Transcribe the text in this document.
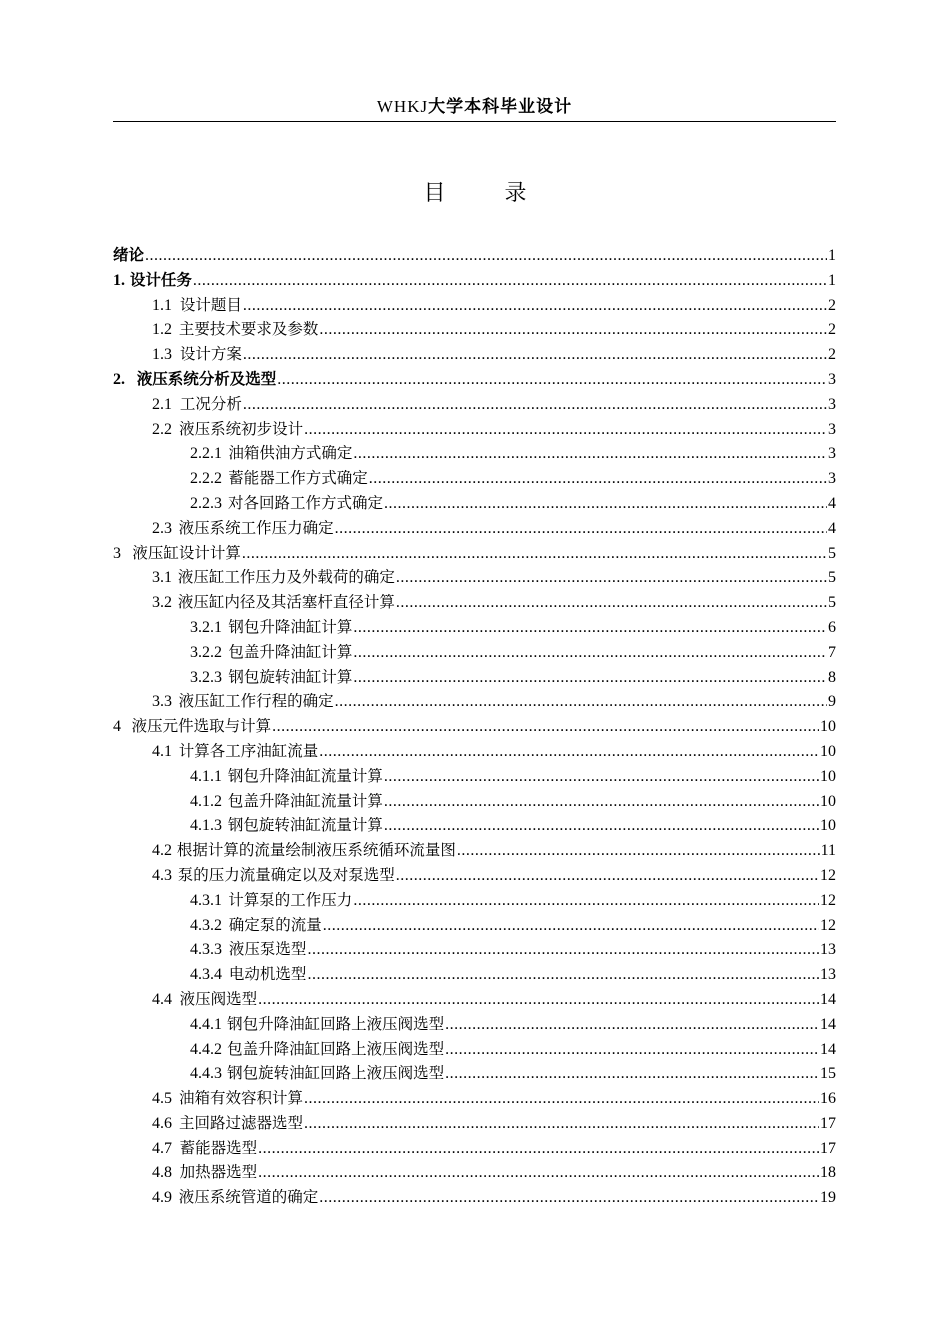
WHKJ大学本科毕业设计
目 录
绪论 .....	1
1. 设计任务 .....	1
1.1 设计题目 .....	2
1.2 主要技术要求及参数 .....	2
1.3 设计方案 .....	2
2. 液压系统分析及选型 .....	3
2.1 工况分析 .....	3
2.2 液压系统初步设计 .....	3
2.2.1 油箱供油方式确定 .....	3
2.2.2 蓄能器工作方式确定 .....	3
2.2.3 对各回路工作方式确定 .....	4
2.3 液压系统工作压力确定 .....	4
3 液压缸设计计算 .....	5
3.1 液压缸工作压力及外载荷的确定 .....	5
3.2 液压缸内径及其活塞杆直径计算 .....	5
3.2.1 钢包升降油缸计算 .....	6
3.2.2 包盖升降油缸计算 .....	7
3.2.3 钢包旋转油缸计算 .....	8
3.3 液压缸工作行程的确定 .....	9
4 液压元件选取与计算 .....	10
4.1 计算各工序油缸流量 .....	10
4.1.1 钢包升降油缸流量计算 .....	10
4.1.2 包盖升降油缸流量计算 .....	10
4.1.3 钢包旋转油缸流量计算 .....	10
4.2 根据计算的流量绘制液压系统循环流量图 .....	11
4.3 泵的压力流量确定以及对泵选型 .....	12
4.3.1 计算泵的工作压力 .....	12
4.3.2 确定泵的流量 .....	12
4.3.3 液压泵选型 .....	13
4.3.4 电动机选型 .....	13
4.4 液压阀选型 .....	14
4.4.1 钢包升降油缸回路上液压阀选型 .....	14
4.4.2 包盖升降油缸回路上液压阀选型 .....	14
4.4.3 钢包旋转油缸回路上液压阀选型 .....	15
4.5 油箱有效容积计算 .....	16
4.6 主回路过滤器选型 .....	17
4.7 蓄能器选型 .....	17
4.8 加热器选型 .....	18
4.9 液压系统管道的确定 .....	19
